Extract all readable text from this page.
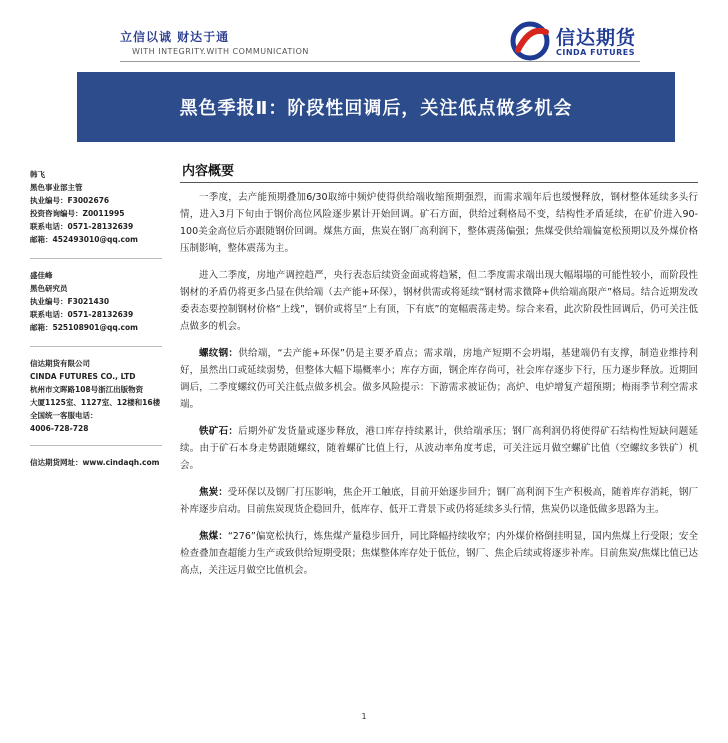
立信以诚 财达于通
WITH INTEGRITY.WITH COMMUNICATION
信达期货
CINDA FUTURES
黑色季报Ⅱ：阶段性回调后，关注低点做多机会
韩飞
黑色事业部主管
执业编号：F3002676
投资咨询编号：Z0011995
联系电话：0571-28132639
邮箱：452493010@qq.com
盛佳峰
黑色研究员
执业编号：F3021430
联系电话：0571-28132639
邮箱：525108901@qq.com
信达期货有限公司
CINDA FUTURES CO., LTD
杭州市文晖路108号浙江出版物资
大厦1125室、1127室、12楼和16楼
全国统一客服电话：
4006-728-728
信达期货网址：www.cindaqh.com
内容概要

一季度，去产能预期叠加6/30取缔中频炉使得供给端收缩预期强烈，而需求端年后也缓慢释放，钢材整体延续多头行情，进入3月下旬由于钢价高位风险逐步累计开始回调。矿石方面，供给过剩格局不变，结构性矛盾延续，在矿价进入90-100美金高位后亦跟随钢价回调。煤焦方面，焦炭在钢厂高利润下，整体震荡偏强；焦煤受供给端偏宽松预期以及外煤价格压制影响，整体震荡为主。

进入二季度，房地产调控趋严，央行表态后续资金面或将趋紧，但二季度需求端出现大幅塌塌的可能性较小，而阶段性钢材的矛盾仍将更多凸显在供给端（去产能+环保），钢材供需或将延续“钢材需求微降+供给端高限产”格局。结合近期发改委表态要控制钢材价格“上线”，钢价或将呈“上有顶，下有底”的宽幅震荡走势。综合来看，此次阶段性回调后，仍可关注低点做多的机会。

螺纹钢：供给端，“去产能+环保”仍是主要矛盾点；需求端，房地产短期不会坍塌，基建端仍有支撑，制造业维持利好，虽然出口或延续弱势，但整体大幅下塌概率小；库存方面，钢企库存尚可，社会库存逐步下行，压力逐步释放。近期回调后，二季度螺纹仍可关注低点做多机会。做多风险提示：下游需求被证伪；高炉、电炉增复产超预期；梅雨季节利空需求端。

铁矿石：后期外矿发货量或逐步释放，港口库存持续累计，供给端承压；钢厂高利润仍将使得矿石结构性短缺问题延续。由于矿石本身走势跟随螺纹，随着螺矿比值上行，从波动率角度考虑，可关注远月做空螺矿比值（空螺纹多铁矿）机会。

焦炭：受环保以及钢厂打压影响，焦企开工触底，目前开始逐步回升；钢厂高利润下生产积极高，随着库存消耗，钢厂补库逐步启动。目前焦炭现货企稳回升，低库存、低开工背景下或仍将延续多头行情，焦炭仍以逢低做多思路为主。

焦煤：“276”偏宽松执行，炼焦煤产量稳步回升，同比降幅持续收窄；内外煤价格倒挂明显，国内焦煤上行受限；安全检查叠加查超能力生产或致供给短期受限；焦煤整体库存处于低位，钢厂、焦企后续或将逐步补库。目前焦炭/焦煤比值已达高点，关注远月做空比值机会。

1
